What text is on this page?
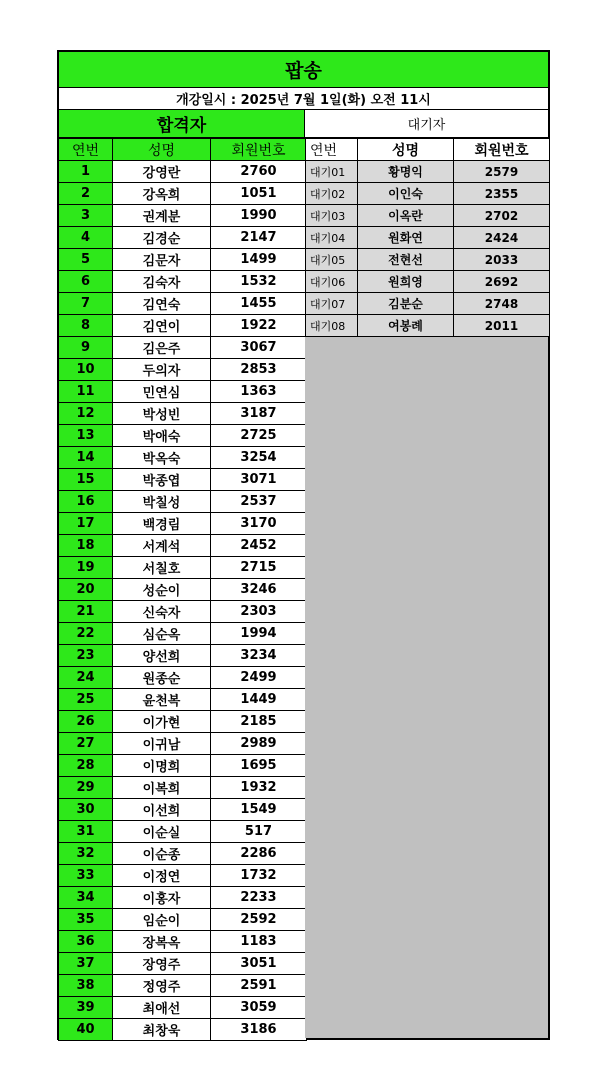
팝송
개강일시 : 2025년 7월 1일(화) 오전 11시
합격자	대기자
연번	성명	회원번호
1	강영란	2760
2	강옥희	1051
3	권계분	1990
4	김경순	2147
5	김문자	1499
6	김숙자	1532
7	김연숙	1455
8	김연이	1922
9	김은주	3067
10	두의자	2853
11	민연심	1363
12	박성빈	3187
13	박애숙	2725
14	박옥숙	3254
15	박종엽	3071
16	박칠성	2537
17	백경림	3170
18	서계석	2452
19	서칠호	2715
20	성순이	3246
21	신숙자	2303
22	심순옥	1994
23	양선희	3234
24	원종순	2499
25	윤천복	1449
26	이가현	2185
27	이귀남	2989
28	이명희	1695
29	이복희	1932
30	이선희	1549
31	이순실	517
32	이순종	2286
33	이정연	1732
34	이홍자	2233
35	임순이	2592
36	장복옥	1183
37	장영주	3051
38	정영주	2591
39	최애선	3059
40	최창욱	3186
연번	성명	회원번호
대기01	황명익	2579
대기02	이인숙	2355
대기03	이옥란	2702
대기04	원화연	2424
대기05	전현선	2033
대기06	원희영	2692
대기07	김분순	2748
대기08	여봉례	2011
